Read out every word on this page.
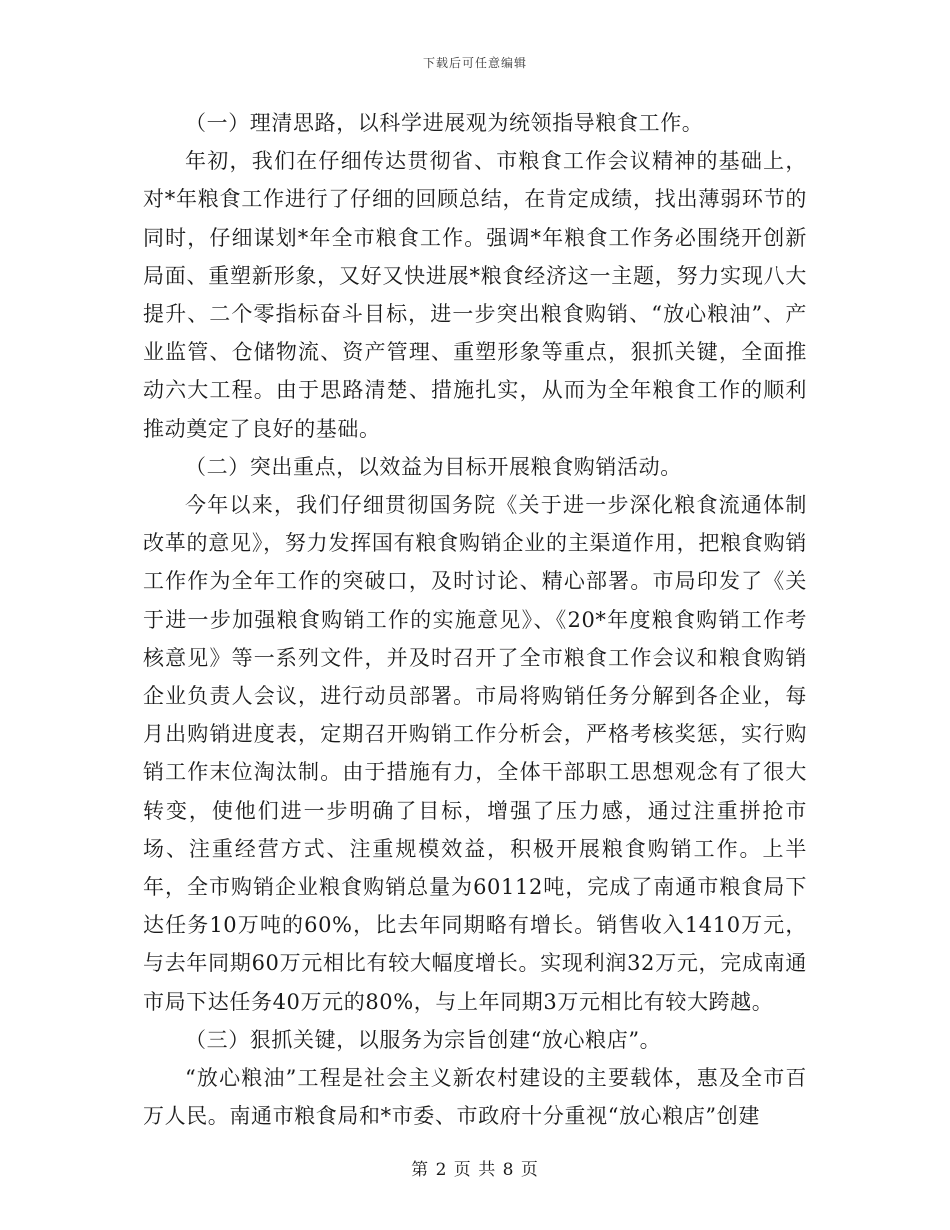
下载后可任意编辑

（一）理清思路，以科学进展观为统领指导粮食工作。

年初，我们在仔细传达贯彻省、市粮食工作会议精神的基础上，对*年粮食工作进行了仔细的回顾总结，在肯定成绩，找出薄弱环节的同时，仔细谋划*年全市粮食工作。强调*年粮食工作务必围绕开创新局面、重塑新形象，又好又快进展*粮食经济这一主题，努力实现八大提升、二个零指标奋斗目标，进一步突出粮食购销、“放心粮油”、产业监管、仓储物流、资产管理、重塑形象等重点，狠抓关键，全面推动六大工程。由于思路清楚、措施扎实，从而为全年粮食工作的顺利推动奠定了良好的基础。

（二）突出重点，以效益为目标开展粮食购销活动。

今年以来，我们仔细贯彻国务院《关于进一步深化粮食流通体制改革的意见》，努力发挥国有粮食购销企业的主渠道作用，把粮食购销工作作为全年工作的突破口，及时讨论、精心部署。市局印发了《关于进一步加强粮食购销工作的实施意见》、《20*年度粮食购销工作考核意见》等一系列文件，并及时召开了全市粮食工作会议和粮食购销企业负责人会议，进行动员部署。市局将购销任务分解到各企业，每月出购销进度表，定期召开购销工作分析会，严格考核奖惩，实行购销工作末位淘汰制。由于措施有力，全体干部职工思想观念有了很大转变，使他们进一步明确了目标，增强了压力感，通过注重拼抢市场、注重经营方式、注重规模效益，积极开展粮食购销工作。上半年，全市购销企业粮食购销总量为60112吨，完成了南通市粮食局下达任务10万吨的60%，比去年同期略有增长。销售收入1410万元，与去年同期60万元相比有较大幅度增长。实现利润32万元，完成南通市局下达任务40万元的80%，与上年同期3万元相比有较大跨越。

（三）狠抓关键，以服务为宗旨创建“放心粮店”。

“放心粮油”工程是社会主义新农村建设的主要载体，惠及全市百万人民。南通市粮食局和*市委、市政府十分重视“放心粮店”创建

第 2 页 共 8 页
